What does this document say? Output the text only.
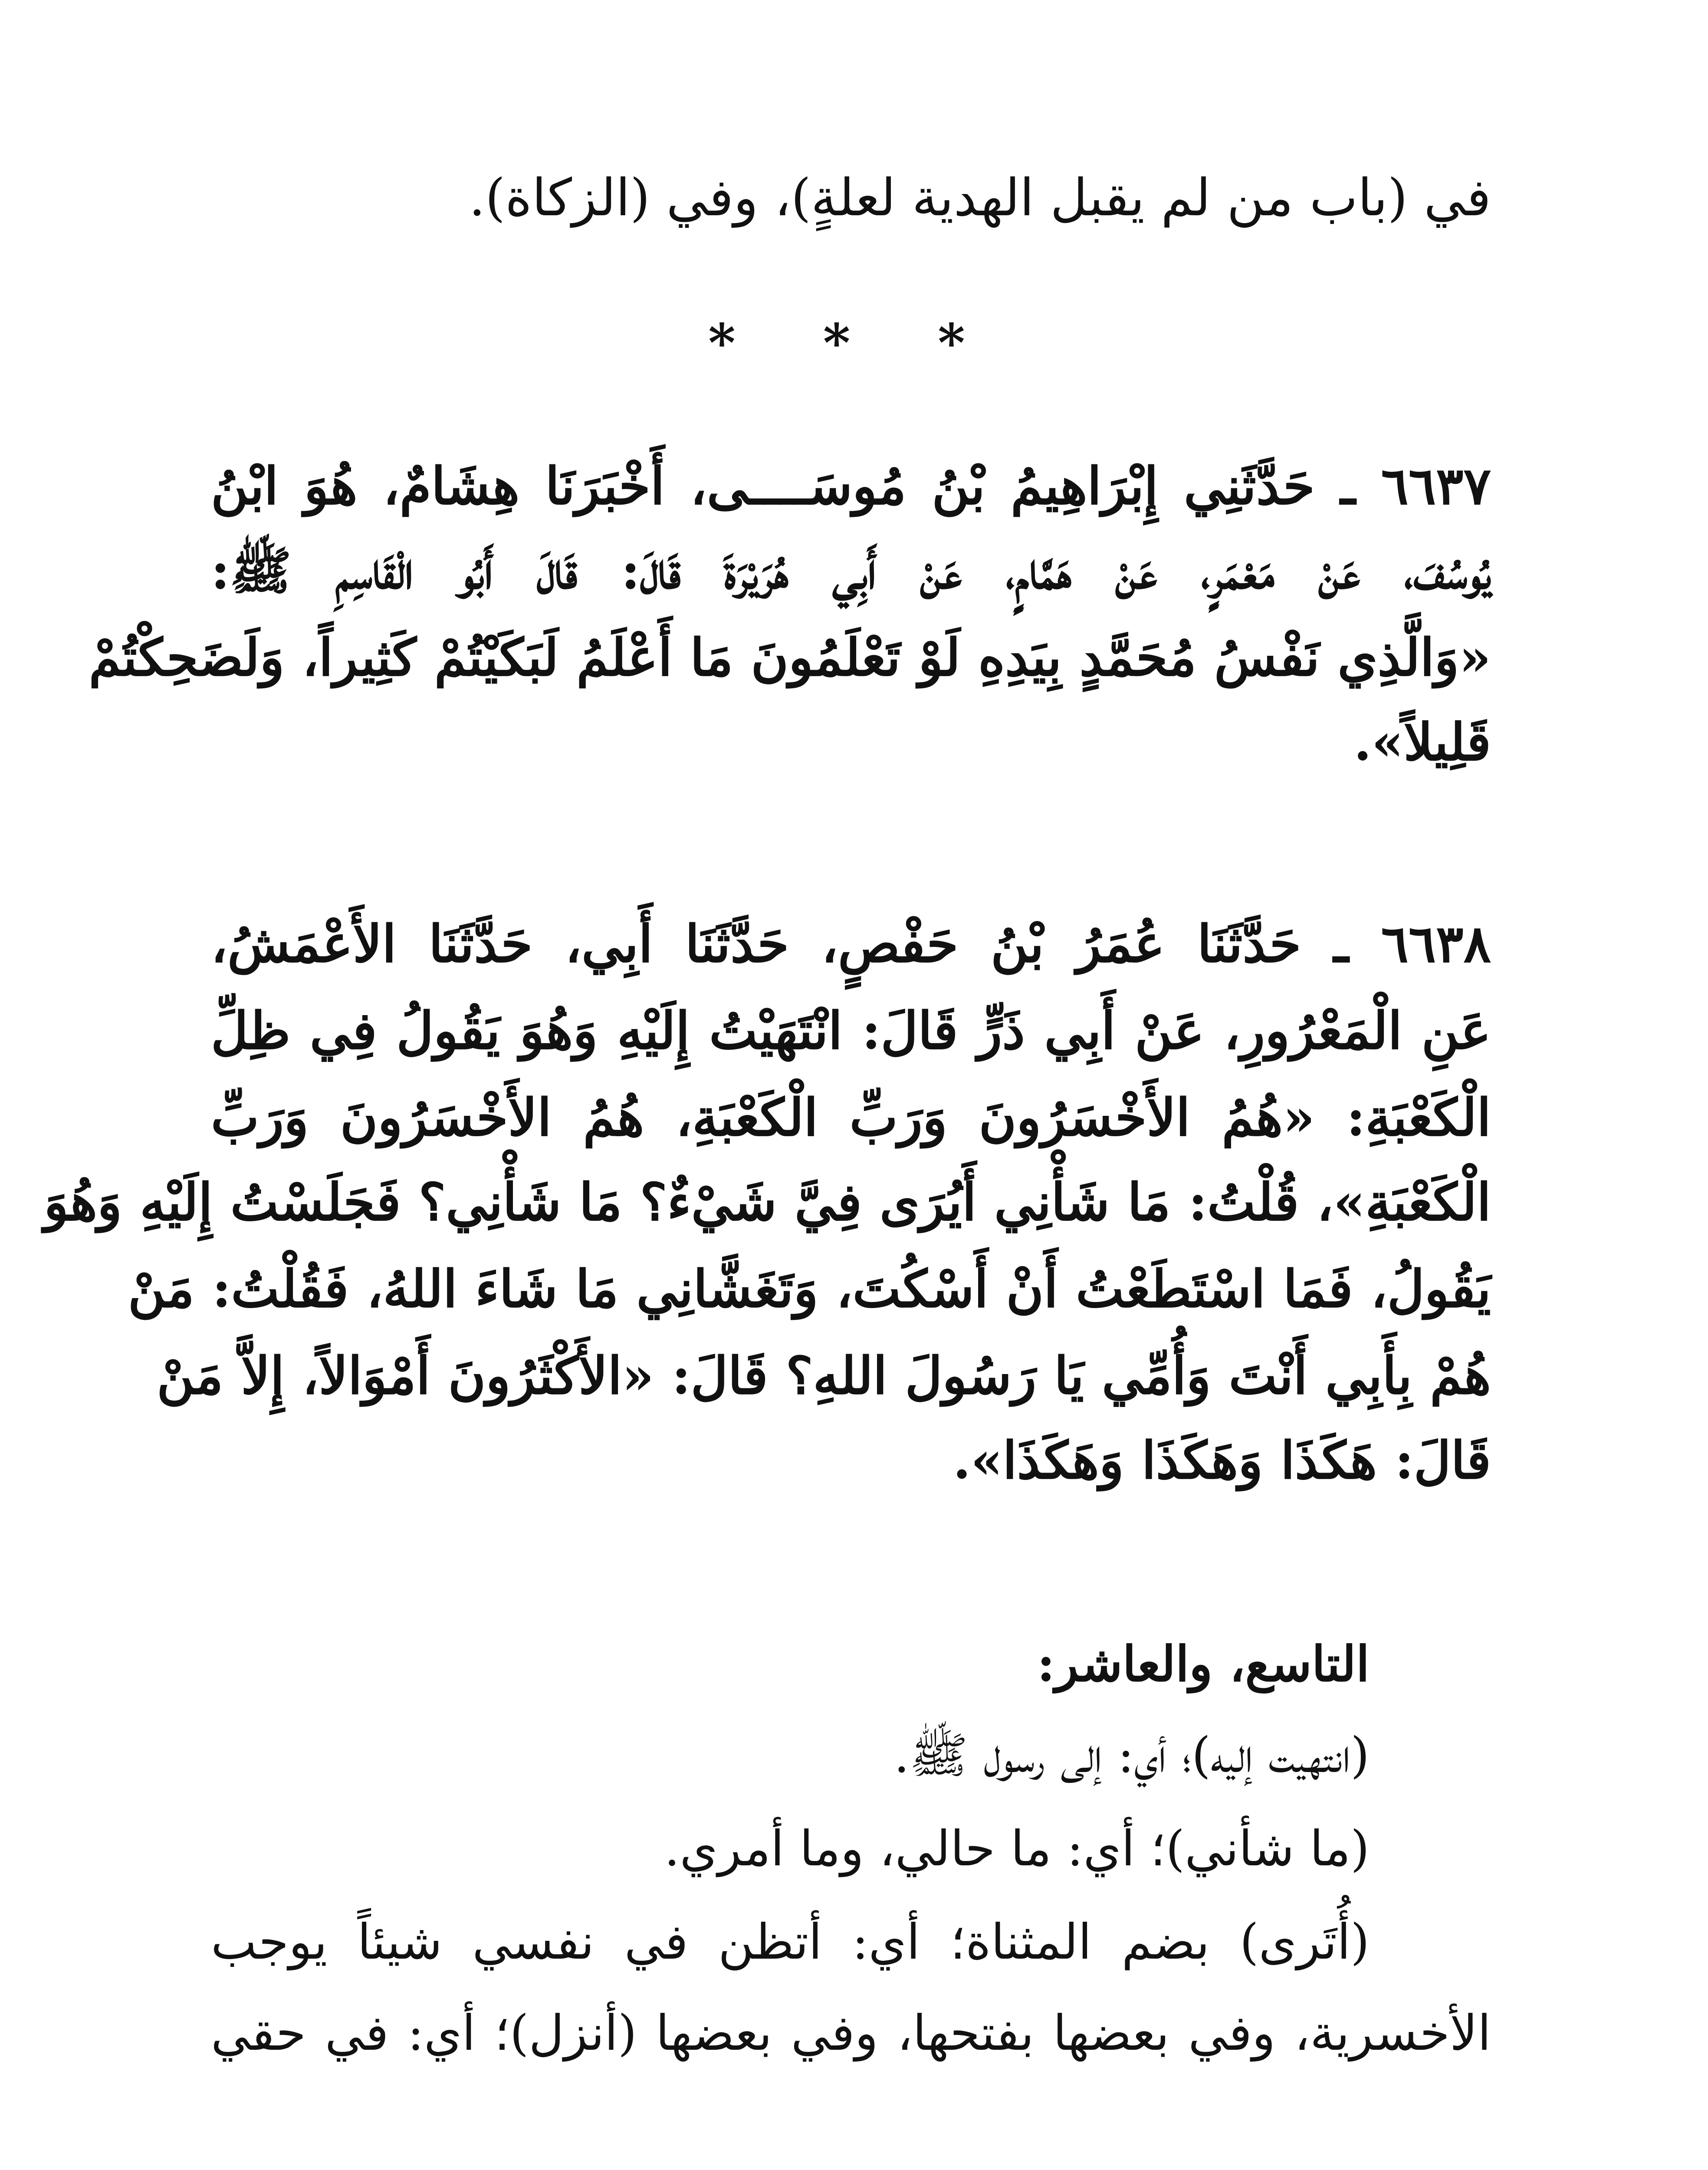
في (باب من لم يقبل الهدية لعلةٍ)، وفي (الزكاة).
* * *
٦٦٣٧ ـ حَدَّثَنِي إِبْرَاهِيمُ بْنُ مُوسَــــى، أَخْبَرَنَا هِشَامٌ، هُوَ ابْنُ
يُوسُفَ، عَنْ مَعْمَرٍ، عَنْ هَمَّامٍ، عَنْ أَبِي هُرَيْرَةَ قَالَ: قَالَ أَبُو الْقَاسِمِ ﷺ:
«وَالَّذِي نَفْسُ مُحَمَّدٍ بِيَدِهِ لَوْ تَعْلَمُونَ مَا أَعْلَمُ لَبَكَيْتُمْ كَثِيراً، وَلَضَحِكْتُمْ
قَلِيلاً».
٦٦٣٨ ـ حَدَّثَنَا عُمَرُ بْنُ حَفْصٍ، حَدَّثَنَا أَبِي، حَدَّثَنَا الأَعْمَشُ،
عَنِ الْمَعْرُورِ، عَنْ أَبِي ذَرٍّ قَالَ: انْتَهَيْتُ إِلَيْهِ وَهُوَ يَقُولُ فِي ظِلِّ
الْكَعْبَةِ: «هُمُ الأَخْسَرُونَ وَرَبِّ الْكَعْبَةِ، هُمُ الأَخْسَرُونَ وَرَبِّ
الْكَعْبَةِ»، قُلْتُ: مَا شَأْنِي أَيُرَى فِيَّ شَيْءٌ؟ مَا شَأْنِي؟ فَجَلَسْتُ إِلَيْهِ وَهُوَ
يَقُولُ، فَمَا اسْتَطَعْتُ أَنْ أَسْكُتَ، وَتَغَشَّانِي مَا شَاءَ اللهُ، فَقُلْتُ: مَنْ
هُمْ بِأَبِي أَنْتَ وَأُمِّي يَا رَسُولَ اللهِ؟ قَالَ: «الأَكْثَرُونَ أَمْوَالاً، إِلاَّ مَنْ
قَالَ: هَكَذَا وَهَكَذَا وَهَكَذَا».
التاسع، والعاشر:
(انتهيت إليه)؛ أي: إلى رسول ﷺ.
(ما شأني)؛ أي: ما حالي، وما أمري.
(أُتَرى) بضم المثناة؛ أي: أتظن في نفسي شيئاً يوجب
الأخسرية، وفي بعضها بفتحها، وفي بعضها (أنزل)؛ أي: في حقي
